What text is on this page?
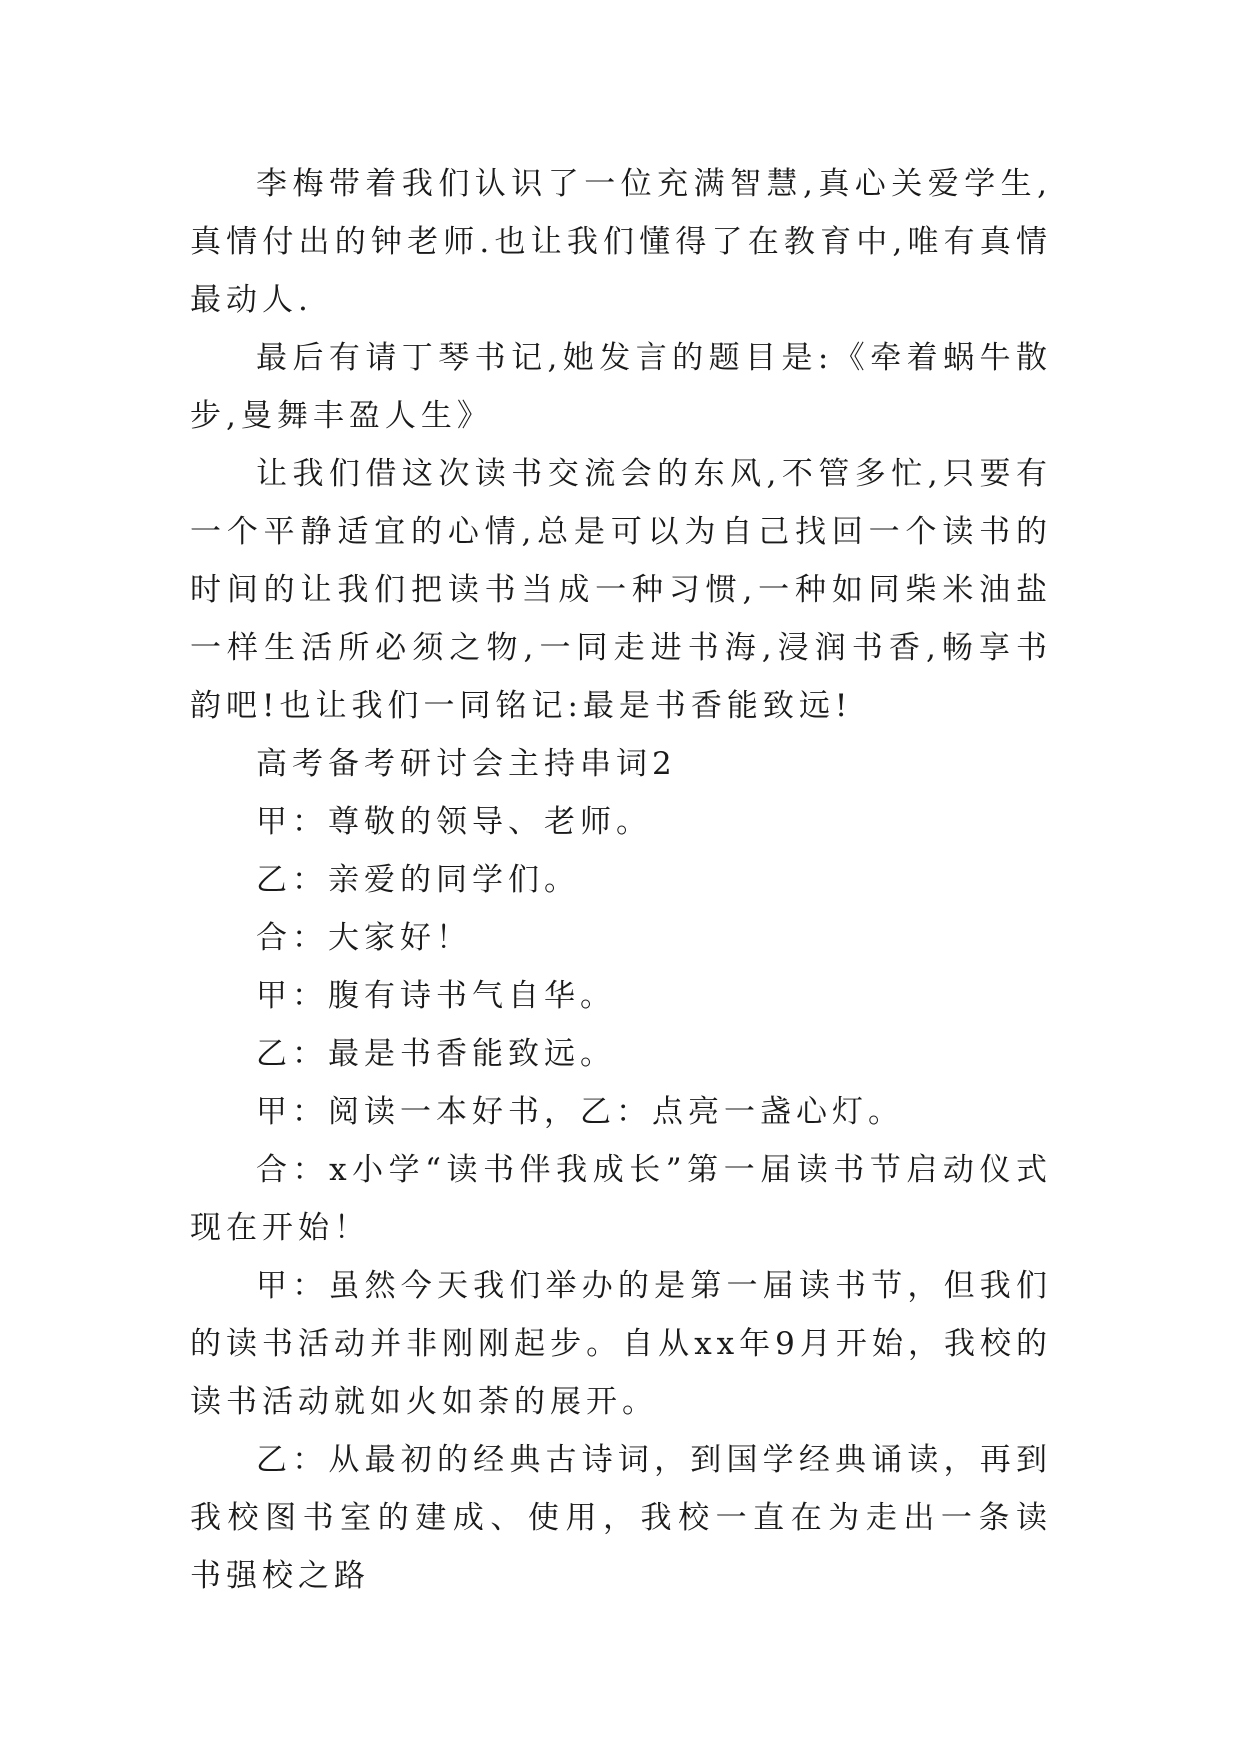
李梅带着我们认识了一位充满智慧,真心关爱学生,真情付出的钟老师.也让我们懂得了在教育中,唯有真情最动人.

最后有请丁琴书记,她发言的题目是:《牵着蜗牛散步,曼舞丰盈人生》

让我们借这次读书交流会的东风,不管多忙,只要有一个平静适宜的心情,总是可以为自己找回一个读书的时间的让我们把读书当成一种习惯,一种如同柴米油盐一样生活所必须之物,一同走进书海,浸润书香,畅享书韵吧!也让我们一同铭记:最是书香能致远!

高考备考研讨会主持串词2

甲：尊敬的领导、老师。

乙：亲爱的同学们。

合：大家好！

甲：腹有诗书气自华。

乙：最是书香能致远。

甲：阅读一本好书，乙：点亮一盏心灯。

合：x小学“读书伴我成长”第一届读书节启动仪式现在开始！

甲：虽然今天我们举办的是第一届读书节，但我们的读书活动并非刚刚起步。自从xx年9月开始，我校的读书活动就如火如荼的展开。

乙：从最初的经典古诗词，到国学经典诵读，再到我校图书室的建成、使用，我校一直在为走出一条读书强校之路
